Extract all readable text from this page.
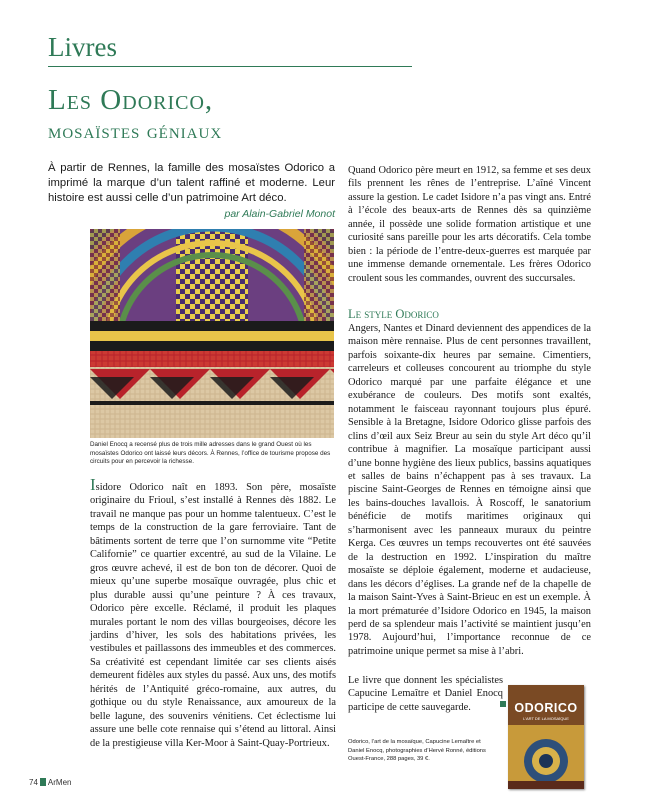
Livres
Les Odorico,
mosaïstes géniaux
À partir de Rennes, la famille des mosaïstes Odorico a imprimé la marque d’un talent raffiné et moderne. Leur histoire est aussi celle d’un patrimoine Art déco.
par Alain-Gabriel Monot
Daniel Enocq a recensé plus de trois mille adresses dans le grand Ouest où les mosaïstes Odorico ont laissé leurs décors. À Rennes, l’office de tourisme propose des circuits pour en percevoir la richesse.

Isidore Odorico naît en 1893. Son père, mosaïste originaire du Frioul, s’est installé à Rennes dès 1882. Le travail ne manque pas pour un homme talentueux. C’est le temps de la construction de la gare ferroviaire. Tant de bâtiments sortent de terre que l’on surnomme vite “Petite Californie” ce quartier excentré, au sud de la Vilaine. Le gros œuvre achevé, il est de bon ton de décorer. Quoi de mieux qu’une superbe mosaïque ouvragée, plus chic et plus durable aussi qu’une peinture ? À ces travaux, Odorico père excelle. Réclamé, il produit les plaques murales portant le nom des villas bourgeoises, décore les jardins d’hiver, les sols des habitations privées, les vestibules et paillassons des immeubles et des commerces. Sa créativité est cependant limitée car ses clients aisés demeurent fidèles aux styles du passé. Aux uns, des motifs hérités de l’Antiquité gréco-romaine, aux autres, du gothique ou du style Renaissance, aux amoureux de la belle lagune, des souvenirs vénitiens. Cet éclectisme lui assure une belle cote rennaise qui s’étend au littoral. Ainsi de la prestigieuse villa Ker-Moor à Saint-Quay-Portrieux.

Quand Odorico père meurt en 1912, sa femme et ses deux fils prennent les rênes de l’entreprise. L’aîné Vincent assure la gestion. Le cadet Isidore n’a pas vingt ans. Entré à l’école des beaux-arts de Rennes dès sa quinzième année, il possède une solide formation artistique et une curiosité sans pareille pour les arts décoratifs. Cela tombe bien : la période de l’entre-deux-guerres est marquée par une immense demande ornementale. Les frères Odorico croulent sous les commandes, ouvrent des succursales.
Le style Odorico
Angers, Nantes et Dinard deviennent des appendices de la maison mère rennaise. Plus de cent personnes travaillent, parfois soixante-dix heures par semaine. Cimentiers, carreleurs et colleuses concourent au triomphe du style Odorico marqué par une parfaite élégance et une exubérance de couleurs. Des motifs sont exaltés, notamment le faisceau rayonnant toujours plus épuré. Sensible à la Bretagne, Isidore Odorico glisse parfois des clins d’œil aux Seiz Breur au sein du style Art déco qu’il contribue à magnifier. La mosaïque participant aussi d’une bonne hygiène des lieux publics, bassins aquatiques et salles de bains n’échappent pas à ses travaux. La piscine Saint-Georges de Rennes en témoigne ainsi que les bains-douches lavallois. À Roscoff, le sanatorium bénéficie de motifs maritimes originaux qui s’harmonisent avec les panneaux muraux du peintre Kerga. Ces œuvres un temps recouvertes ont été sauvées de la destruction en 1992. L’inspiration du maître mosaïste se déploie également, moderne et audacieuse, dans les décors d’églises. La grande nef de la chapelle de la maison Saint-Yves à Saint-Brieuc en est un exemple. À la mort prématurée d’Isidore Odorico en 1945, la maison perd de sa splendeur mais l’activité se maintient jusqu’en 1978. Aujourd’hui, l’importance reconnue de ce patrimoine unique permet sa mise à l’abri.
Le livre que donnent les spécialistes Capucine Lemaître et Daniel Enocq participe de cette sauvegarde.
Odorico, l’art de la mosaïque, Capucine Lemaître et Daniel Enocq, photographies d’Hervé Ronné, éditions Ouest-France, 288 pages, 39 €.
ODORICO
L’ART DE LA MOSAÏQUE
74 ArMen
